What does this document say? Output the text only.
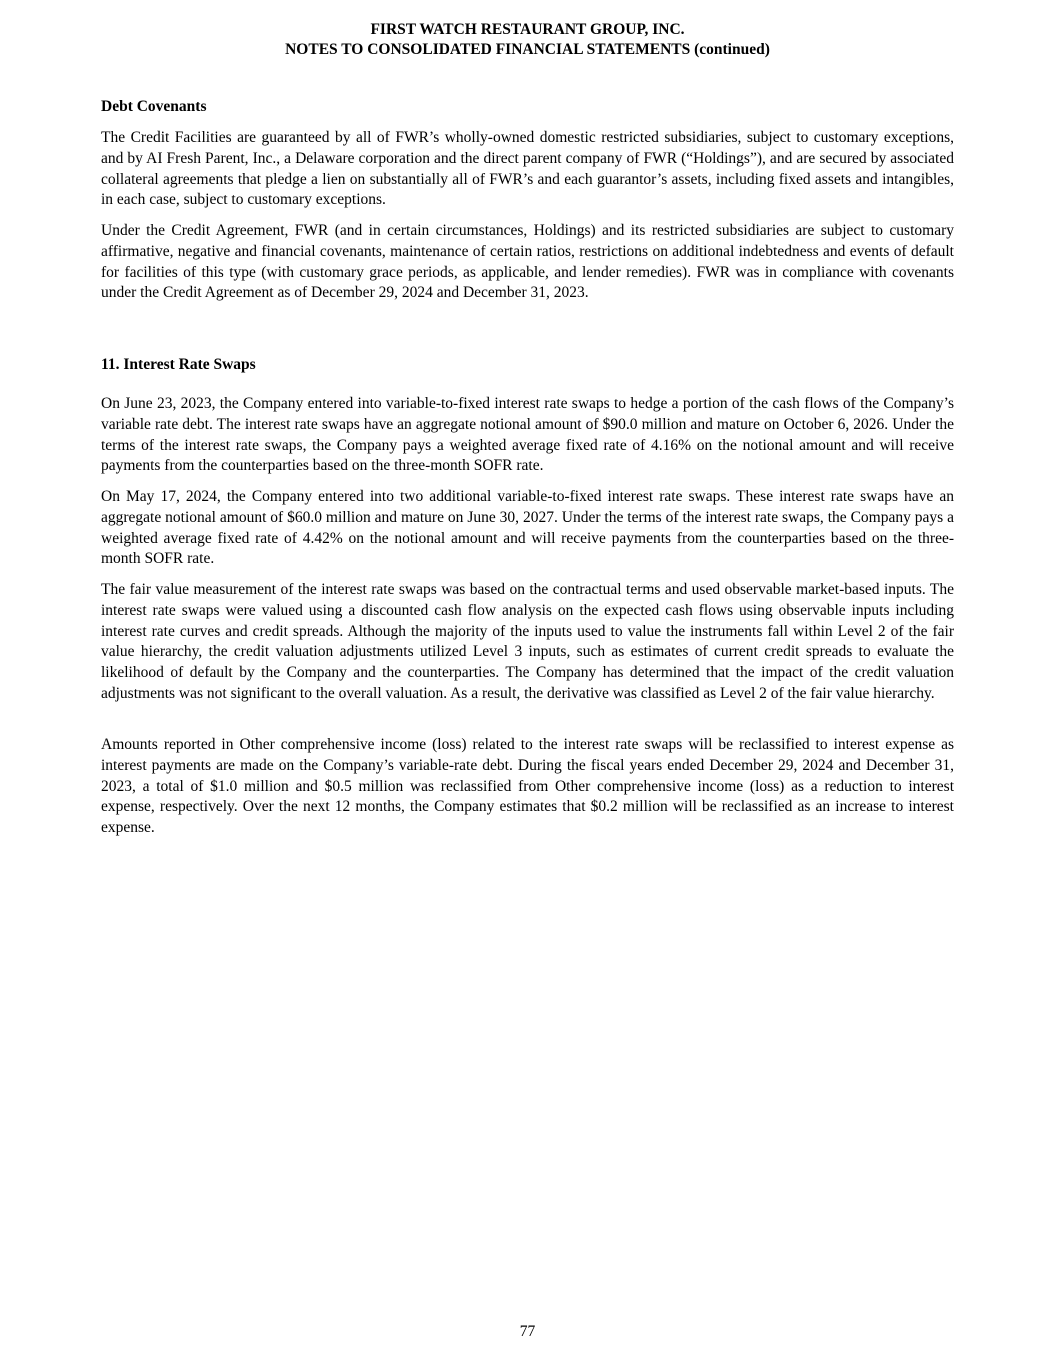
FIRST WATCH RESTAURANT GROUP, INC.

NOTES TO CONSOLIDATED FINANCIAL STATEMENTS (continued)

Debt Covenants

The Credit Facilities are guaranteed by all of FWR’s wholly-owned domestic restricted subsidiaries, subject to customary exceptions, and by AI Fresh Parent, Inc., a Delaware corporation and the direct parent company of FWR (“Holdings”), and are secured by associated collateral agreements that pledge a lien on substantially all of FWR’s and each guarantor’s assets, including fixed assets and intangibles, in each case, subject to customary exceptions.

Under the Credit Agreement, FWR (and in certain circumstances, Holdings) and its restricted subsidiaries are subject to customary affirmative, negative and financial covenants, maintenance of certain ratios, restrictions on additional indebtedness and events of default for facilities of this type (with customary grace periods, as applicable, and lender remedies). FWR was in compliance with covenants under the Credit Agreement as of December 29, 2024 and December 31, 2023.

11. Interest Rate Swaps

On June 23, 2023, the Company entered into variable-to-fixed interest rate swaps to hedge a portion of the cash flows of the Company’s variable rate debt. The interest rate swaps have an aggregate notional amount of $90.0 million and mature on October 6, 2026. Under the terms of the interest rate swaps, the Company pays a weighted average fixed rate of 4.16% on the notional amount and will receive payments from the counterparties based on the three-month SOFR rate.

On May 17, 2024, the Company entered into two additional variable-to-fixed interest rate swaps. These interest rate swaps have an aggregate notional amount of $60.0 million and mature on June 30, 2027. Under the terms of the interest rate swaps, the Company pays a weighted average fixed rate of 4.42% on the notional amount and will receive payments from the counterparties based on the three-month SOFR rate.

The fair value measurement of the interest rate swaps was based on the contractual terms and used observable market-based inputs. The interest rate swaps were valued using a discounted cash flow analysis on the expected cash flows using observable inputs including interest rate curves and credit spreads. Although the majority of the inputs used to value the instruments fall within Level 2 of the fair value hierarchy, the credit valuation adjustments utilized Level 3 inputs, such as estimates of current credit spreads to evaluate the likelihood of default by the Company and the counterparties. The Company has determined that the impact of the credit valuation adjustments was not significant to the overall valuation. As a result, the derivative was classified as Level 2 of the fair value hierarchy.

Amounts reported in Other comprehensive income (loss) related to the interest rate swaps will be reclassified to interest expense as interest payments are made on the Company’s variable-rate debt. During the fiscal years ended December 29, 2024 and December 31, 2023, a total of $1.0 million and $0.5 million was reclassified from Other comprehensive income (loss) as a reduction to interest expense, respectively. Over the next 12 months, the Company estimates that $0.2 million will be reclassified as an increase to interest expense.

77
